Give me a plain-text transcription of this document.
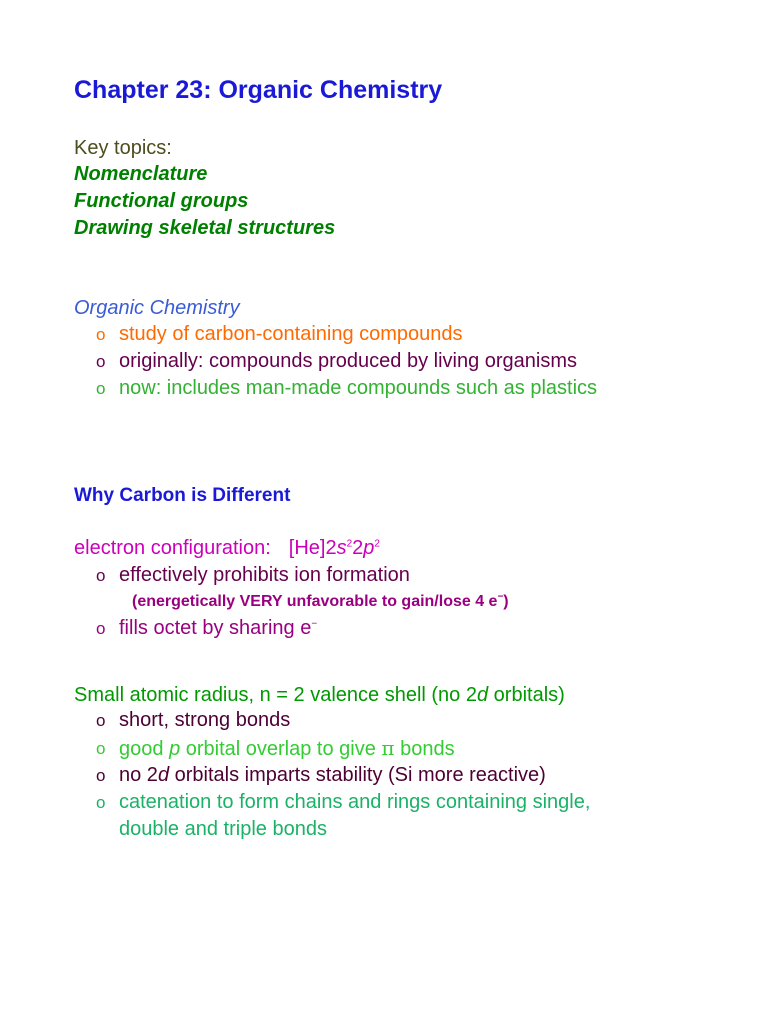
Chapter 23: Organic Chemistry
Key topics:
Nomenclature
Functional groups
Drawing skeletal structures
Organic Chemistry
o study of carbon-containing compounds
o originally: compounds produced by living organisms
o now: includes man-made compounds such as plastics
Why Carbon is Different
electron configuration: $[He]2s^22p^2$
o effectively prohibits ion formation
(energetically VERY unfavorable to gain/lose 4 e−)
o fills octet by sharing e−
Small atomic radius, n = 2 valence shell (no 2d orbitals)
o short, strong bonds
o good p orbital overlap to give π bonds
o no 2d orbitals imparts stability (Si more reactive)
o catenation to form chains and rings containing single,
double and triple bonds
